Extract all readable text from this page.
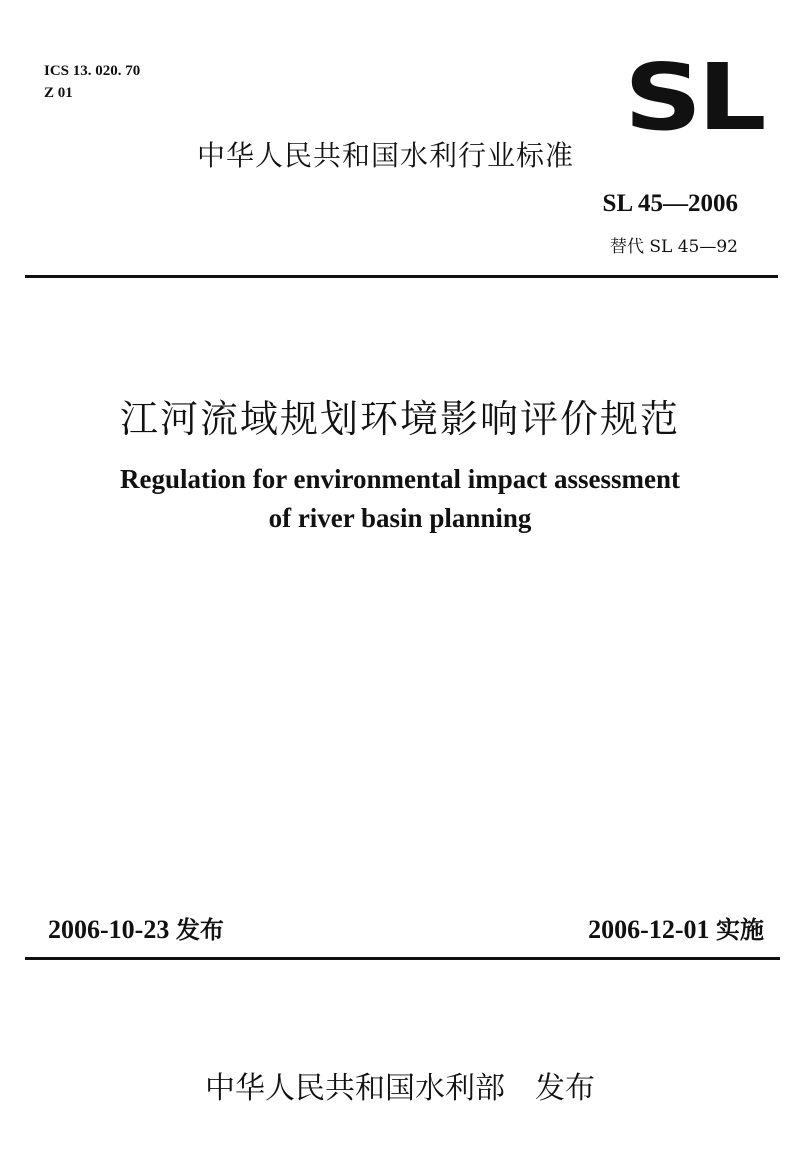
ICS 13. 020. 70
Z 01	SL
中华人民共和国水利行业标准
SL 45—2006
替代 SL 45—92
江河流域规划环境影响评价规范
Regulation for environmental impact assessment
of river basin planning
2006-10-23 发布	2006-12-01 实施
中华人民共和国水利部 发布
